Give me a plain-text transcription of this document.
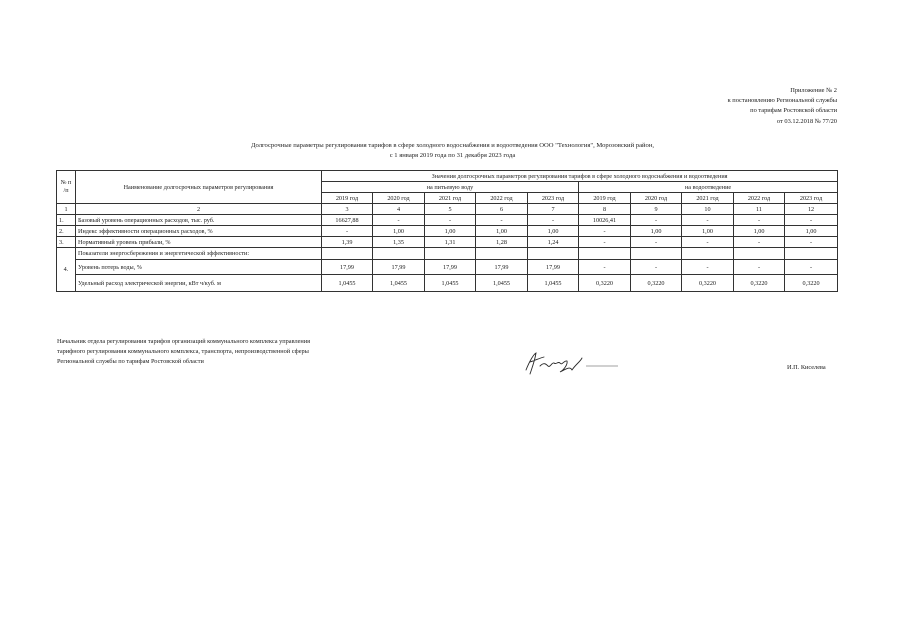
Приложение № 2
к постановлению Региональной службы
по тарифам Ростовской области
от 03.12.2018 № 77/20
Долгосрочные параметры регулирования тарифов в сфере холодного водоснабжения и водоотведения ООО "Технология", Морозовский район,
с 1 января 2019 года по 31 декабря 2023 года
№ п /п	Наименование долгосрочных параметров регулирования	Значения долгосрочных параметров регулирования тарифов в сфере холодного водоснабжения и водоотведения									
		на питьевую воду					на водоотведение				
		2019 год	2020 год	2021 год	2022 год	2023 год	2019 год	2020 год	2021 год	2022 год	2023 год
1	2	3	4	5	6	7	8	9	10	11	12
1.	Базовый уровень операционных расходов, тыс. руб.	16627,88	-	-	-	-	10026,41	-	-	-	-
2.	Индекс эффективности операционных расходов, %	-	1,00	1,00	1,00	1,00	-	1,00	1,00	1,00	1,00
3.	Нормативный уровень прибыли, %	1,39	1,35	1,31	1,28	1,24	-	-	-	-	-
4.	Показатели энергосбережения и энергетической эффективности:										
	Уровень потерь воды, %	17,99	17,99	17,99	17,99	17,99	-	-	-	-	-
	Удельный расход электрической энергии, кВт ч/куб. м	1,0455	1,0455	1,0455	1,0455	1,0455	0,3220	0,3220	0,3220	0,3220	0,3220
Начальник отдела регулирования тарифов организаций коммунального комплекса управления
тарифного регулирования коммунального комплекса, транспорта, непроизводственной сферы
Региональной службы по тарифам Ростовской области
И.П. Киселева
